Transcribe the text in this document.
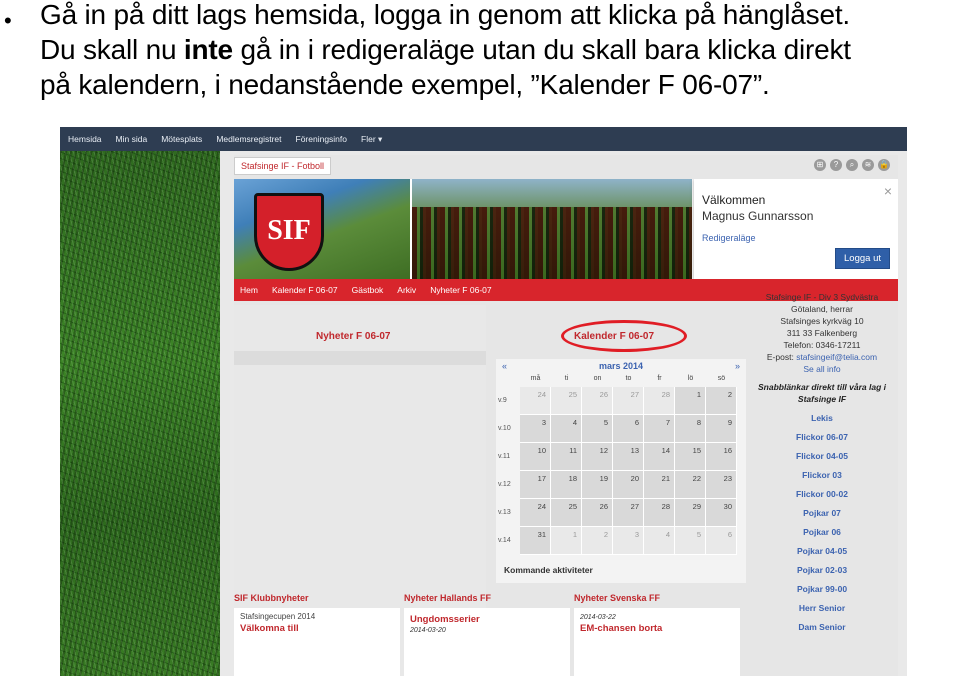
• Gå in på ditt lags hemsida, logga in genom att klicka på hänglåset.
Du skall nu inte gå in i redigeraläge utan du skall bara klicka direkt
på kalendern, i nedanstående exempel, ”Kalender F 06-07”.
Hemsida Min sida Mötesplats Medlemsregistret Föreningsinfo Fler ▾
Stafsinge IF - Fotboll	⊞	?	⌕	≋ 🔒
SIF
×
Välkommen
Magnus Gunnarsson
Redigeraläge
Logga ut
Hem Kalender F 06-07 Gästbok Arkiv Nyheter F 06-07
Nyheter F 06-07	Kalender F 06-07
«	mars 2014	»
må	ti	on	to	fr	lö	sö
v.9
24	25	26	27	28	1	2
v.10
3	4	5	6	7	8	9
v.11
10	11	12	13	14	15	16
v.12
17	18	19	20	21	22	23
v.13
24	25	26	27	28	29	30
v.14
31	1	2	3	4	5	6
Kommande aktiviteter
Stafsinge IF - Div 3 Sydvästra
Götaland, herrar
Stafsinges kyrkväg 10
311 33 Falkenberg
Telefon: 0346-17211
E-post: stafsingeif@telia.com
Se all info
Snabblänkar direkt till våra lag i Stafsinge IF
Lekis
Flickor 06-07
Flickor 04-05
Flickor 03
Flickor 00-02
Pojkar 07
Pojkar 06
Pojkar 04-05
Pojkar 02-03
Pojkar 99-00
Herr Senior
Dam Senior
SIF Klubbnyheter
Stafsingecupen 2014
Välkomna till
Nyheter Hallands FF
Ungdomsserier
2014-03-20
Nyheter Svenska FF
2014-03-22
EM-chansen borta
